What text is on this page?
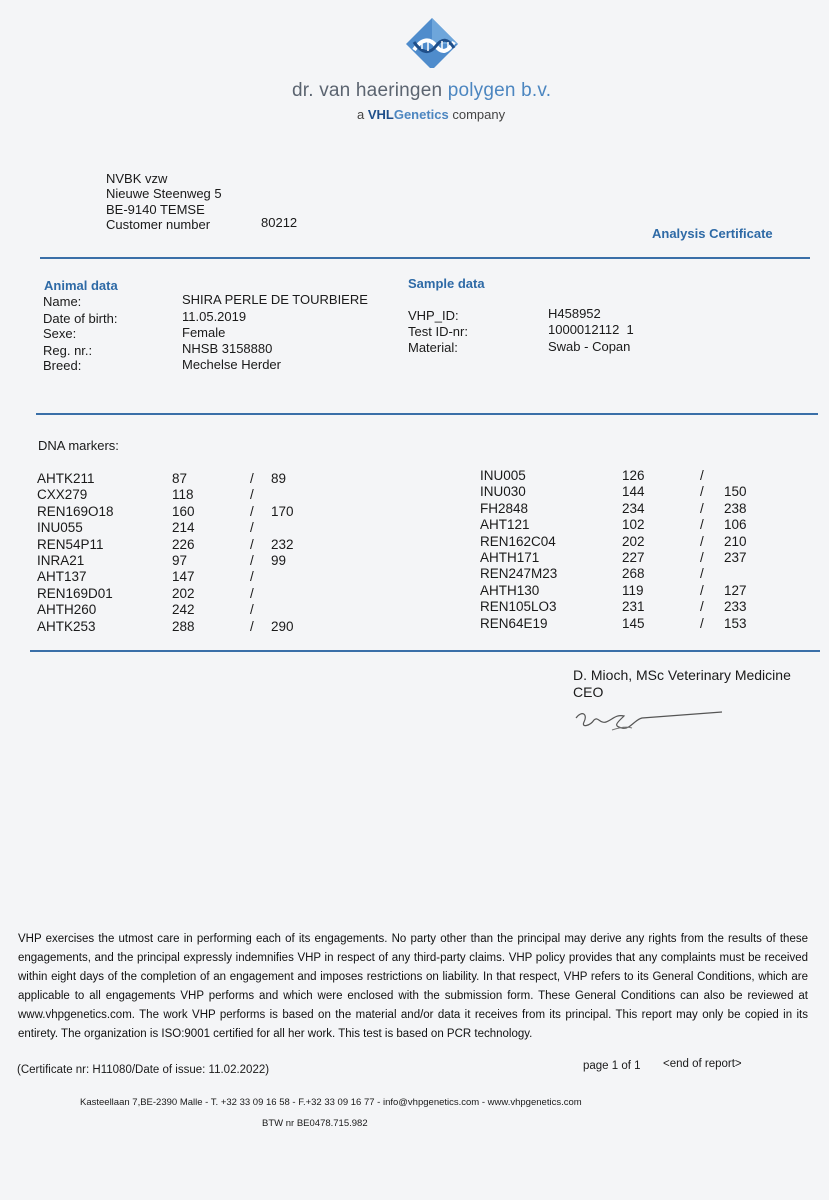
dr. van haeringen polygen b.v.
a VHLGenetics company
NVBK vzw
Nieuwe Steenweg 5
BE-9140 TEMSE
Customer number	80212
Analysis Certificate
Animal data
Name:	SHIRA PERLE DE TOURBIERE
Date of birth:	11.05.2019
Sexe:	Female
Reg. nr.:	NHSB 3158880
Breed:	Mechelse Herder
Sample data
VHP_ID:	H458952
Test ID-nr:	1000012112  1
Material:	Swab - Copan
DNA markers:
AHTK211	87	/ 89
CXX279	118	/
REN169O18	160	/ 170
INU055	214	/
REN54P11	226	/ 232
INRA21	97	/ 99
AHT137	147	/
REN169D01	202	/
AHTH260	242	/
AHTK253	288	/ 290
INU005	126	/
INU030	144	/ 150
FH2848	234	/ 238
AHT121	102	/ 106
REN162C04	202	/ 210
AHTH171	227	/ 237
REN247M23	268	/
AHTH130	119	/ 127
REN105LO3	231	/ 233
REN64E19	145	/ 153
D. Mioch, MSc Veterinary Medicine
CEO
VHP exercises the utmost care in performing each of its engagements. No party other than the principal may derive any rights from the results of these engagements, and the principal expressly indemnifies VHP in respect of any third-party claims. VHP policy provides that any complaints must be received within eight days of the completion of an engagement and imposes restrictions on liability. In that respect, VHP refers to its General Conditions, which are applicable to all engagements VHP performs and which were enclosed with the submission form. These General Conditions can also be reviewed at www.vhpgenetics.com. The work VHP performs is based on the material and/or data it receives from its principal. This report may only be copied in its entirety. The organization is ISO:9001 certified for all her work. This test is based on PCR technology.
(Certificate nr: H11080/Date of issue: 11.02.2022)	page 1 of 1 <end of report>
Kasteellaan 7,BE-2390 Malle - T. +32 33 09 16 58 - F.+32 33 09 16 77 - info@vhpgenetics.com - www.vhpgenetics.com
BTW nr BE0478.715.982
